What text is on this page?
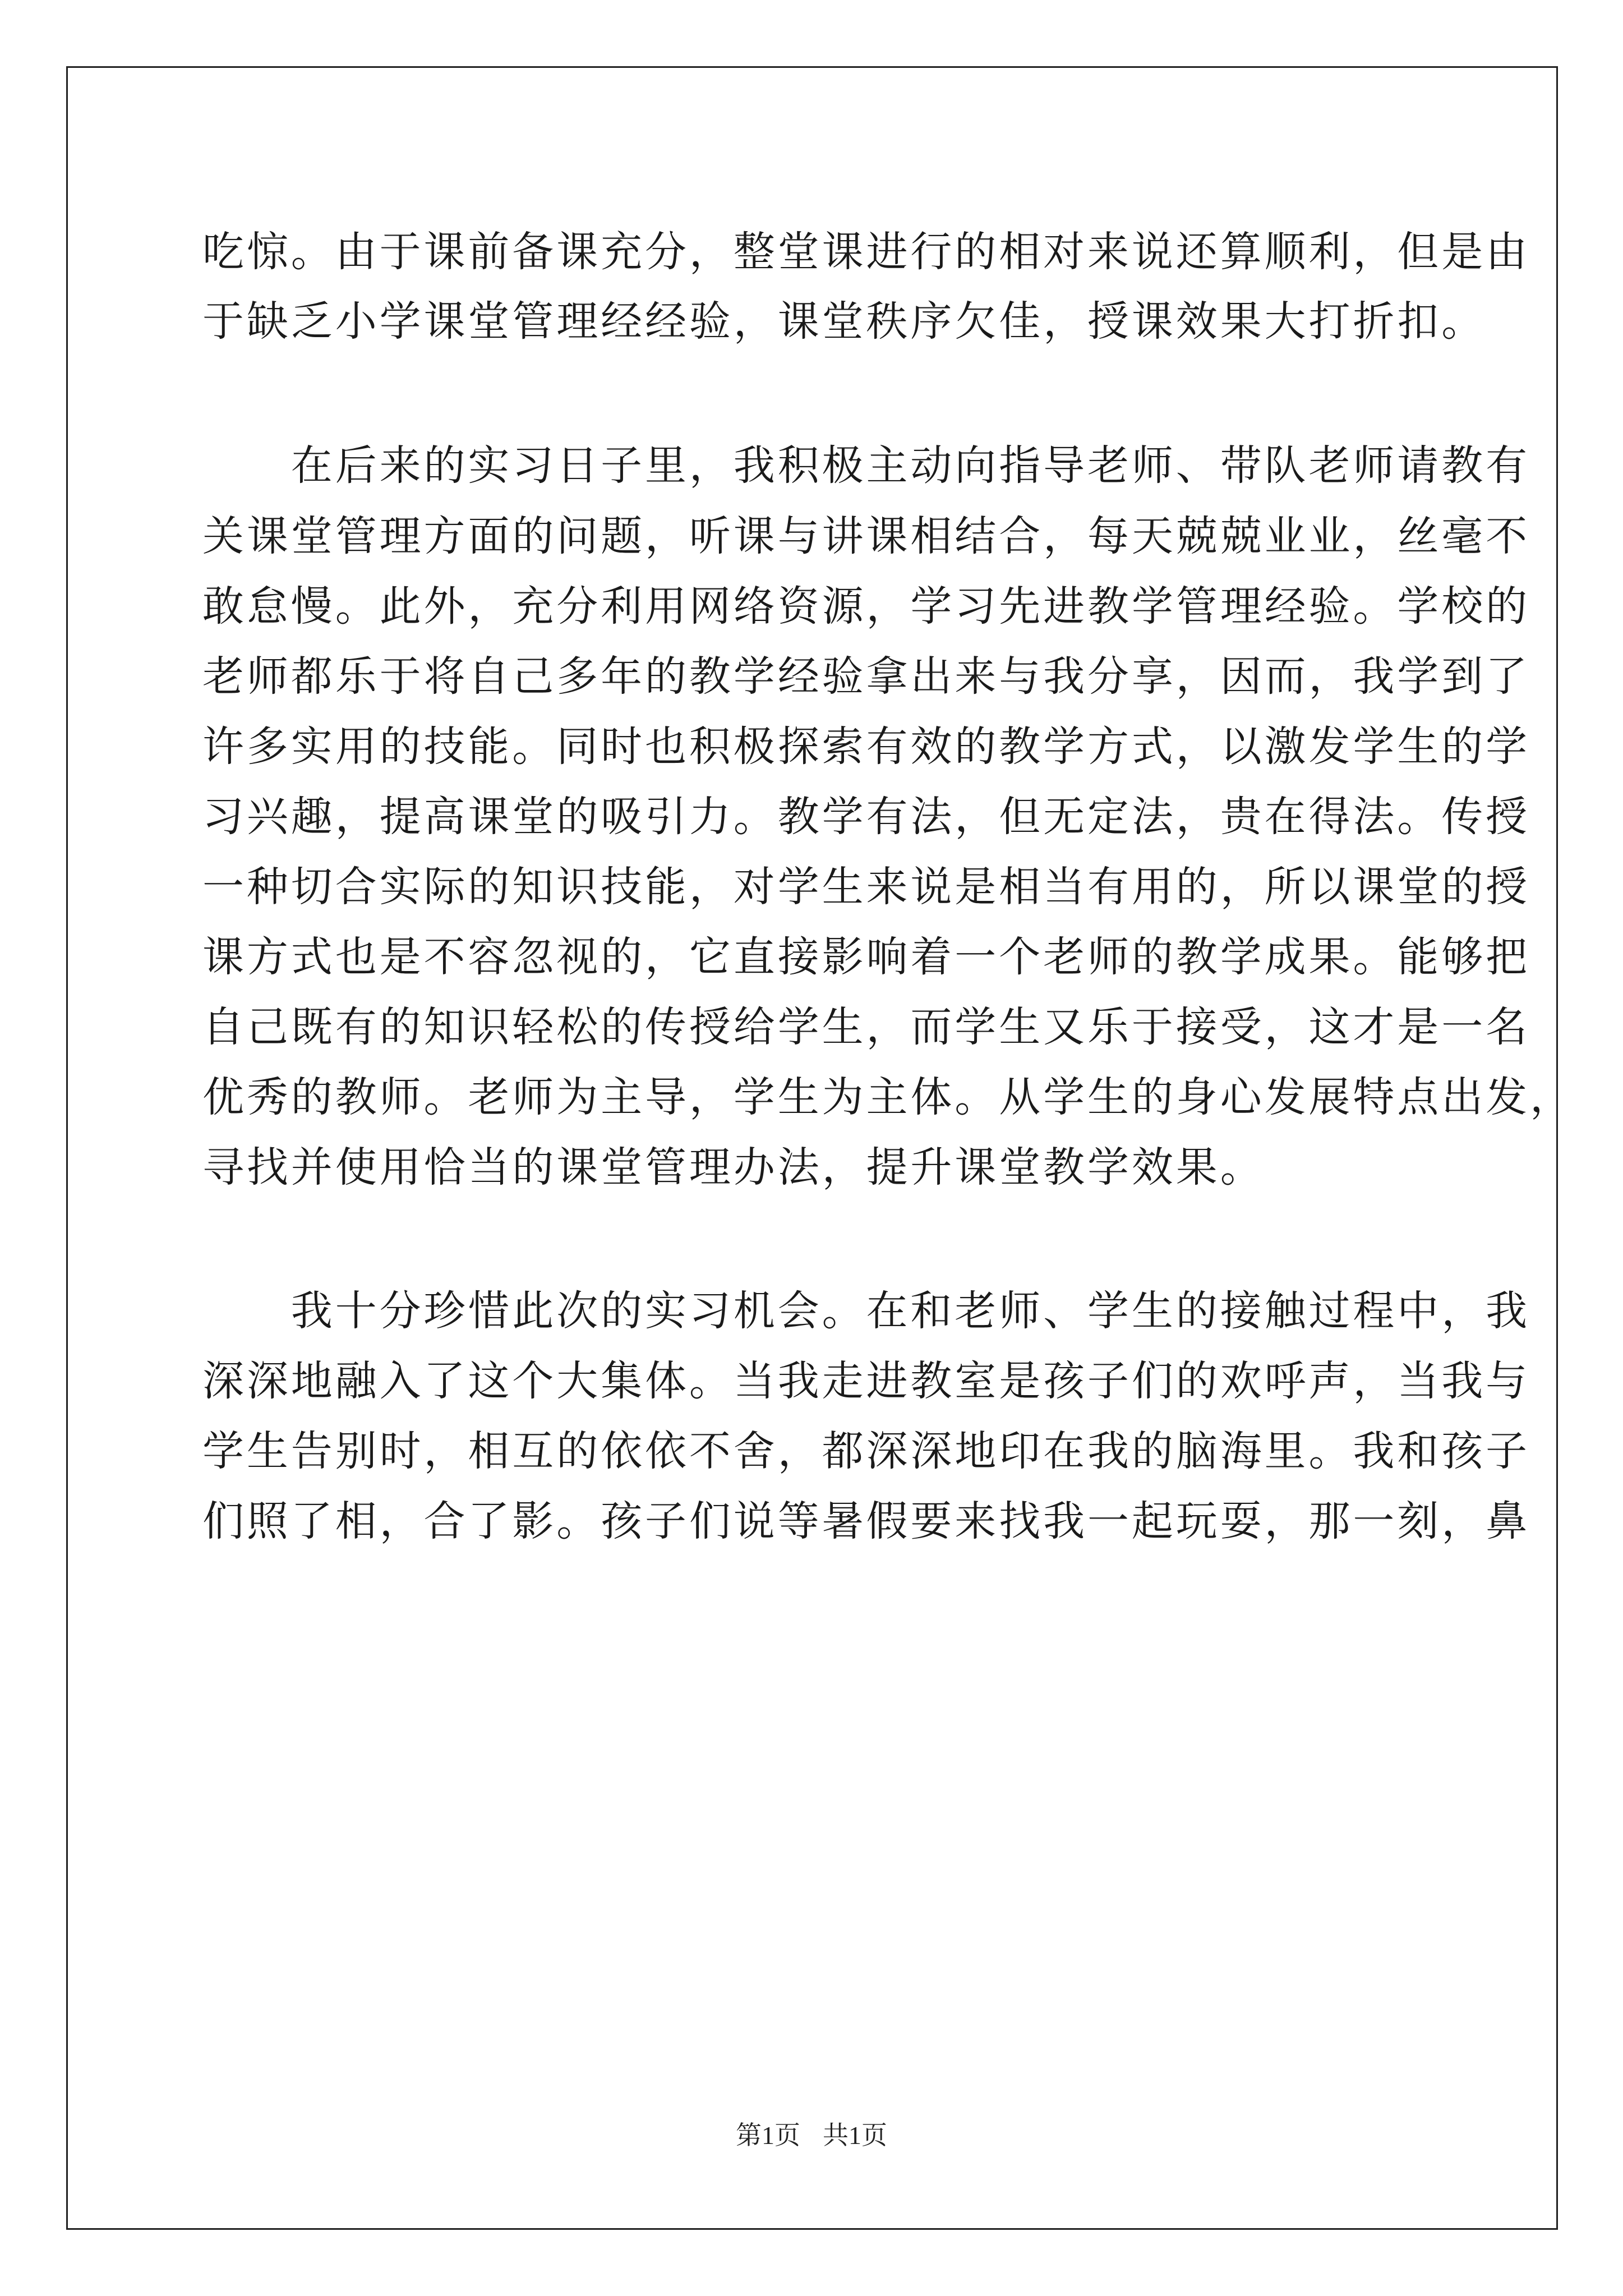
吃惊。由于课前备课充分，整堂课进行的相对来说还算顺利，但是由
于缺乏小学课堂管理经经验，课堂秩序欠佳，授课效果大打折扣。
　　在后来的实习日子里，我积极主动向指导老师、带队老师请教有
关课堂管理方面的问题，听课与讲课相结合，每天兢兢业业，丝毫不
敢怠慢。此外，充分利用网络资源，学习先进教学管理经验。学校的
老师都乐于将自己多年的教学经验拿出来与我分享，因而，我学到了
许多实用的技能。同时也积极探索有效的教学方式，以激发学生的学
习兴趣，提高课堂的吸引力。教学有法，但无定法，贵在得法。传授
一种切合实际的知识技能，对学生来说是相当有用的，所以课堂的授
课方式也是不容忽视的，它直接影响着一个老师的教学成果。能够把
自己既有的知识轻松的传授给学生，而学生又乐于接受，这才是一名
优秀的教师。老师为主导，学生为主体。从学生的身心发展特点出发，
寻找并使用恰当的课堂管理办法，提升课堂教学效果。
　　我十分珍惜此次的实习机会。在和老师、学生的接触过程中，我
深深地融入了这个大集体。当我走进教室是孩子们的欢呼声，当我与
学生告别时，相互的依依不舍，都深深地印在我的脑海里。我和孩子
们照了相，合了影。孩子们说等暑假要来找我一起玩耍，那一刻，鼻
第1页 共1页
